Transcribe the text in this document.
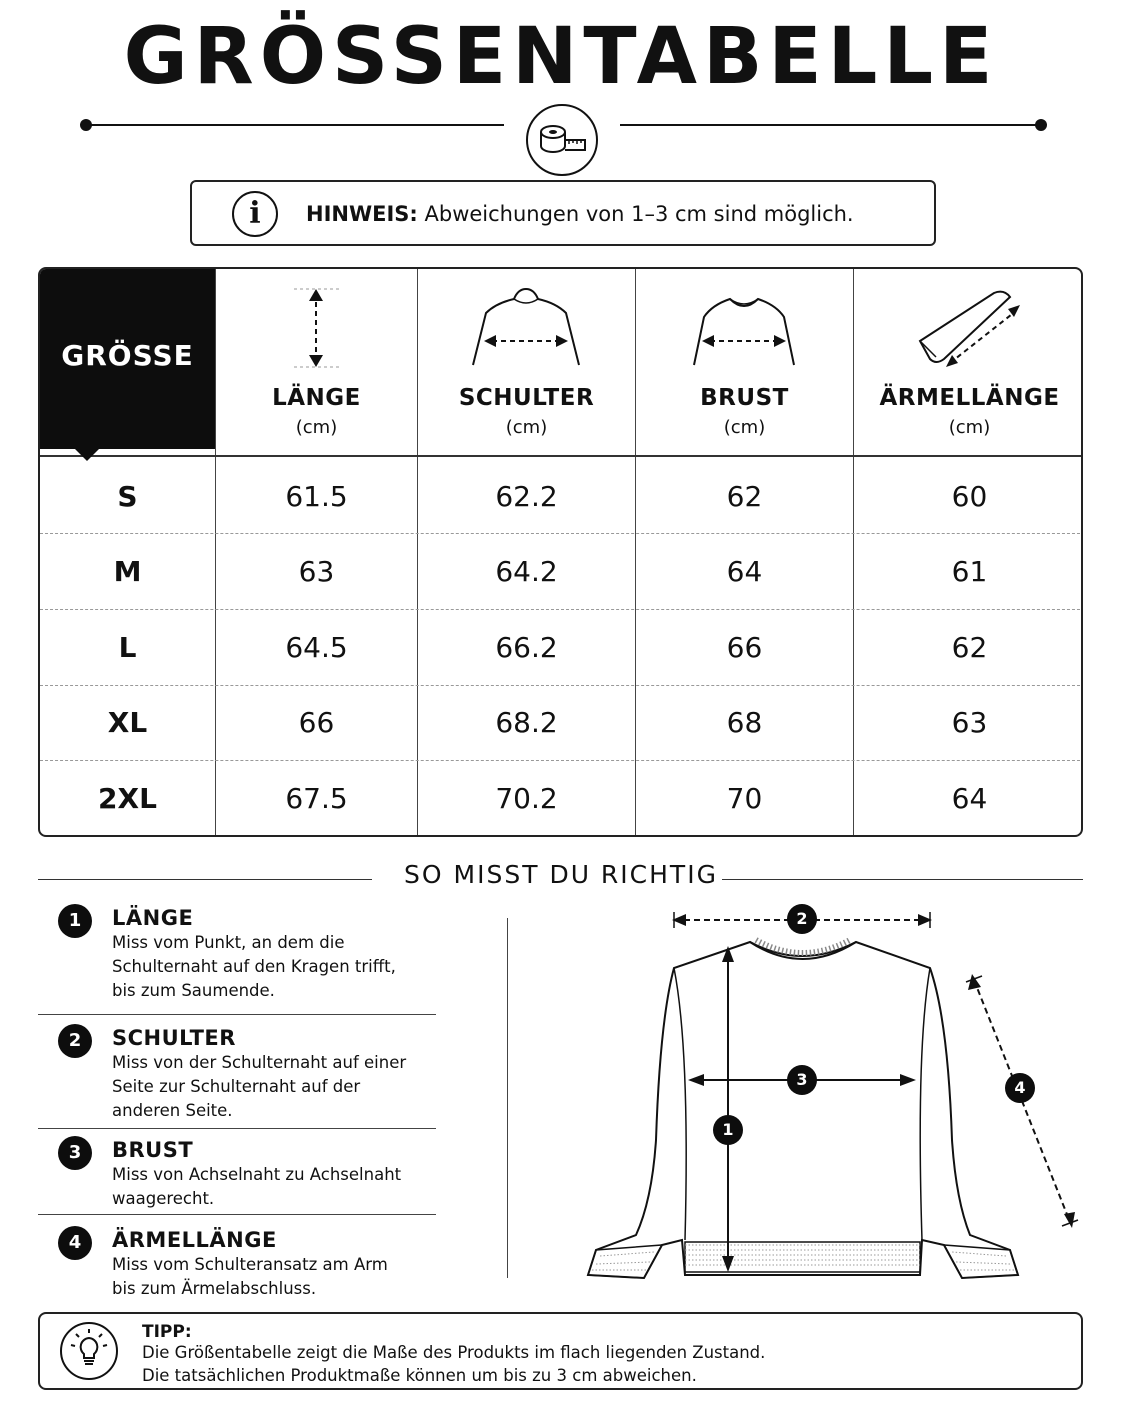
GRÖSSENTABELLE
i	HINWEIS: Abweichungen von 1–3 cm sind möglich.
GRÖSSE
LÄNGE
(cm)
SCHULTER
(cm)
BRUST
(cm)
ÄRMELLÄNGE
(cm)
S	61.5	62.2	62	60
M	63	64.2	64	61
L	64.5	66.2	66	62
XL	66	68.2	68	63
2XL	67.5	70.2	70	64
SO MISST DU RICHTIG
1	LÄNGE
Miss vom Punkt, an dem die
Schulternaht auf den Kragen trifft,
bis zum Saumende.
2	SCHULTER
Miss von der Schulternaht auf einer
Seite zur Schulternaht auf der
anderen Seite.
3	BRUST
Miss von Achselnaht zu Achselnaht
waagerecht.
4	ÄRMELLÄNGE
Miss vom Schulteransatz am Arm
bis zum Ärmelabschluss.
2
1
3	4
TIPP:
Die Größentabelle zeigt die Maße des Produkts im flach liegenden Zustand.
Die tatsächlichen Produktmaße können um bis zu 3 cm abweichen.
